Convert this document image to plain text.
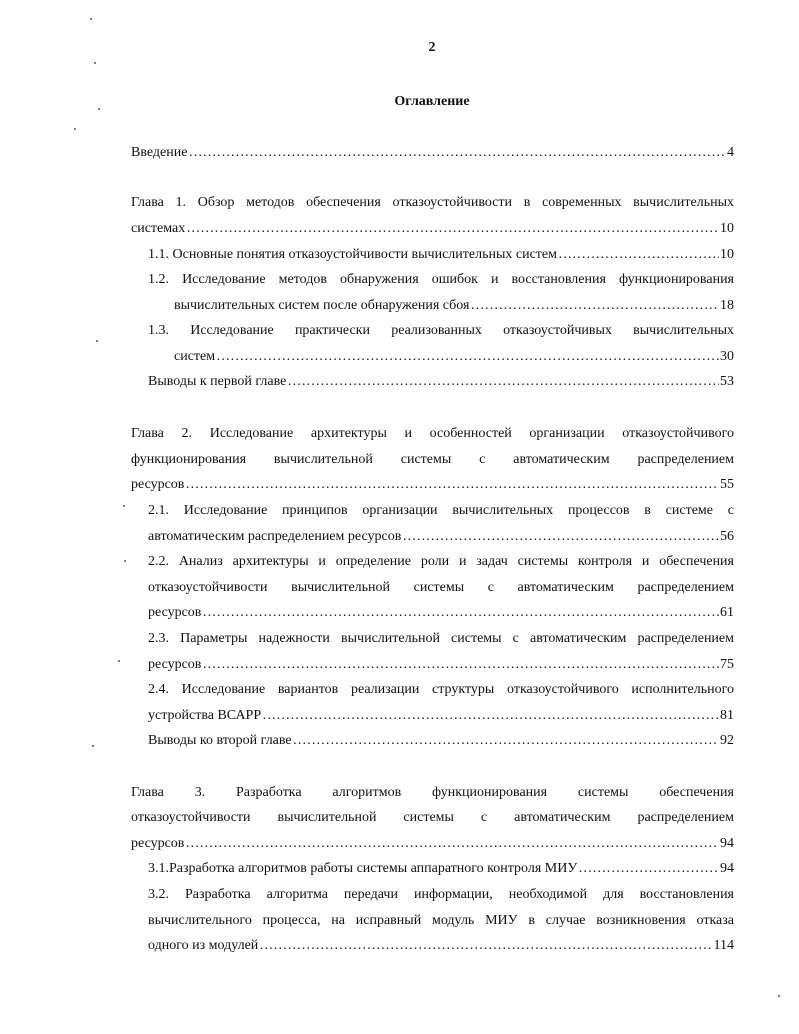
2
Оглавление
Введение …………………………………………………………………………………………………………………………………………………………………………………………………	4
Глава 1. Обзор методов обеспечения отказоустойчивости в современных вычислительных
системах …………………………………………………………………………………………………………………………………………………………………………………………………	10
1.1. Основные понятия отказоустойчивости вычислительных систем …………………………………………………………………………………………………………………………………………………………………………………………………	10
1.2. Исследование методов обнаружения ошибок и восстановления функционирования
вычислительных систем после обнаружения сбоя …………………………………………………………………………………………………………………………………………………………………………………………………	18
1.3. Исследование практически реализованных отказоустойчивых вычислительных
систем …………………………………………………………………………………………………………………………………………………………………………………………………	30
Выводы к первой главе …………………………………………………………………………………………………………………………………………………………………………………………………	53
Глава 2. Исследование архитектуры и особенностей организации отказоустойчивого
функционирования вычислительной системы с автоматическим распределением
ресурсов …………………………………………………………………………………………………………………………………………………………………………………………………	55
2.1. Исследование принципов организации вычислительных процессов в системе с
автоматическим распределением ресурсов …………………………………………………………………………………………………………………………………………………………………………………………………	56
2.2. Анализ архитектуры и определение роли и задач системы контроля и обеспечения
отказоустойчивости вычислительной системы с автоматическим распределением
ресурсов …………………………………………………………………………………………………………………………………………………………………………………………………	61
2.3. Параметры надежности вычислительной системы с автоматическим распределением
ресурсов …………………………………………………………………………………………………………………………………………………………………………………………………	75
2.4. Исследование вариантов реализации структуры отказоустойчивого исполнительного
устройства ВСАРР …………………………………………………………………………………………………………………………………………………………………………………………………	81
Выводы ко второй главе …………………………………………………………………………………………………………………………………………………………………………………………………	92
Глава 3. Разработка алгоритмов функционирования системы обеспечения
отказоустойчивости вычислительной системы с автоматическим распределением
ресурсов …………………………………………………………………………………………………………………………………………………………………………………………………	94
3.1.Разработка алгоритмов работы системы аппаратного контроля МИУ …………………………………………………………………………………………………………………………………………………………………………………………………	94
3.2. Разработка алгоритма передачи информации, необходимой для восстановления
вычислительного процесса, на исправный модуль МИУ в случае возникновения отказа
одного из модулей …………………………………………………………………………………………………………………………………………………………………………………………………	114
